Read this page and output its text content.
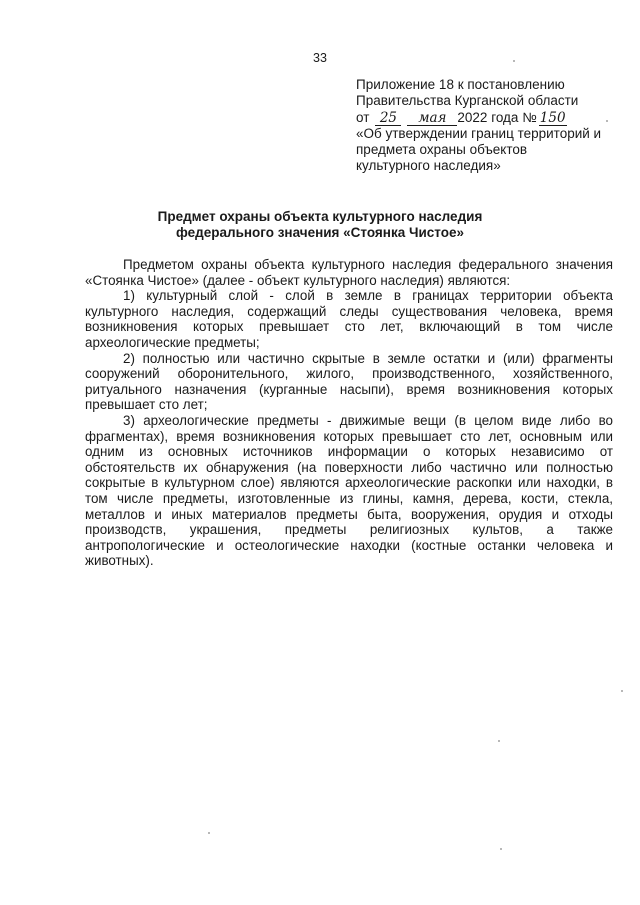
33
Приложение 18 к постановлению
Правительства Курганской области
от 25 мая 2022 года № 150
«Об утверждении границ территорий и
предмета охраны объектов
культурного наследия»
Предмет охраны объекта культурного наследия
федерального значения «Стоянка Чистое»

Предметом охраны объекта культурного наследия федерального значения «Стоянка Чистое» (далее - объект культурного наследия) являются:

1) культурный слой - слой в земле в границах территории объекта культурного наследия, содержащий следы существования человека, время возникновения которых превышает сто лет, включающий в том числе археологические предметы;

2) полностью или частично скрытые в земле остатки и (или) фрагменты сооружений оборонительного, жилого, производственного, хозяйственного, ритуального назначения (курганные насыпи), время возникновения которых превышает сто лет;

3) археологические предметы - движимые вещи (в целом виде либо во фрагментах), время возникновения которых превышает сто лет, основным или одним из основных источников информации о которых независимо от обстоятельств их обнаружения (на поверхности либо частично или полностью сокрытые в культурном слое) являются археологические раскопки или находки, в том числе предметы, изготовленные из глины, камня, дерева, кости, стекла, металлов и иных материалов предметы быта, вооружения, орудия и отходы производств, украшения, предметы религиозных культов, а также антропологические и остеологические находки (костные останки человека и животных).
